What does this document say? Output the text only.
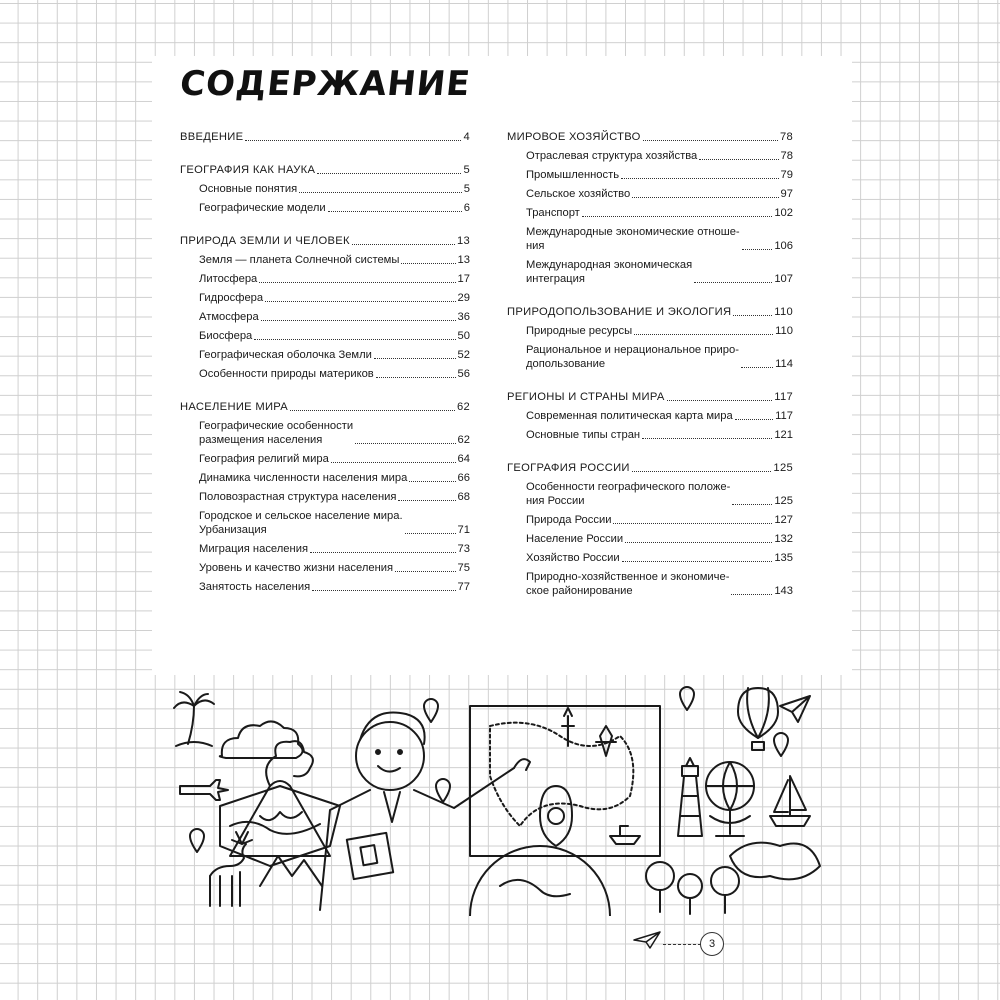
СОДЕРЖАНИЕ
ВВЕДЕНИЕ	4
ГЕОГРАФИЯ КАК НАУКА	5
Основные понятия	5
Географические модели	6
ПРИРОДА ЗЕМЛИ И ЧЕЛОВЕК	13
Земля — планета Солнечной системы	13
Литосфера	17
Гидросфера	29
Атмосфера	36
Биосфера	50
Географическая оболочка Земли	52
Особенности природы материков	56
НАСЕЛЕНИЕ МИРА	62
Географические особенности
размещения населения	62
География религий мира	64
Динамика численности населения мира	66
Половозрастная структура населения	68
Городское и сельское население мира.
Урбанизация	71
Миграция населения	73
Уровень и качество жизни населения	75
Занятость населения	77
МИРОВОЕ ХОЗЯЙСТВО	78
Отраслевая структура хозяйства	78
Промышленность	79
Сельское хозяйство	97
Транспорт	102
Международные экономические отноше-
ния	106
Международная экономическая
интеграция	107
ПРИРОДОПОЛЬЗОВАНИЕ И ЭКОЛОГИЯ	110
Природные ресурсы	110
Рациональное и нерациональное приро-
допользование	114
РЕГИОНЫ И СТРАНЫ МИРА	117
Современная политическая карта мира	117
Основные типы стран	121
ГЕОГРАФИЯ РОССИИ	125
Особенности географического положе-
ния России	125
Природа России	127
Население России	132
Хозяйство России	135
Природно-хозяйственное и экономиче-
ское районирование	143
3
